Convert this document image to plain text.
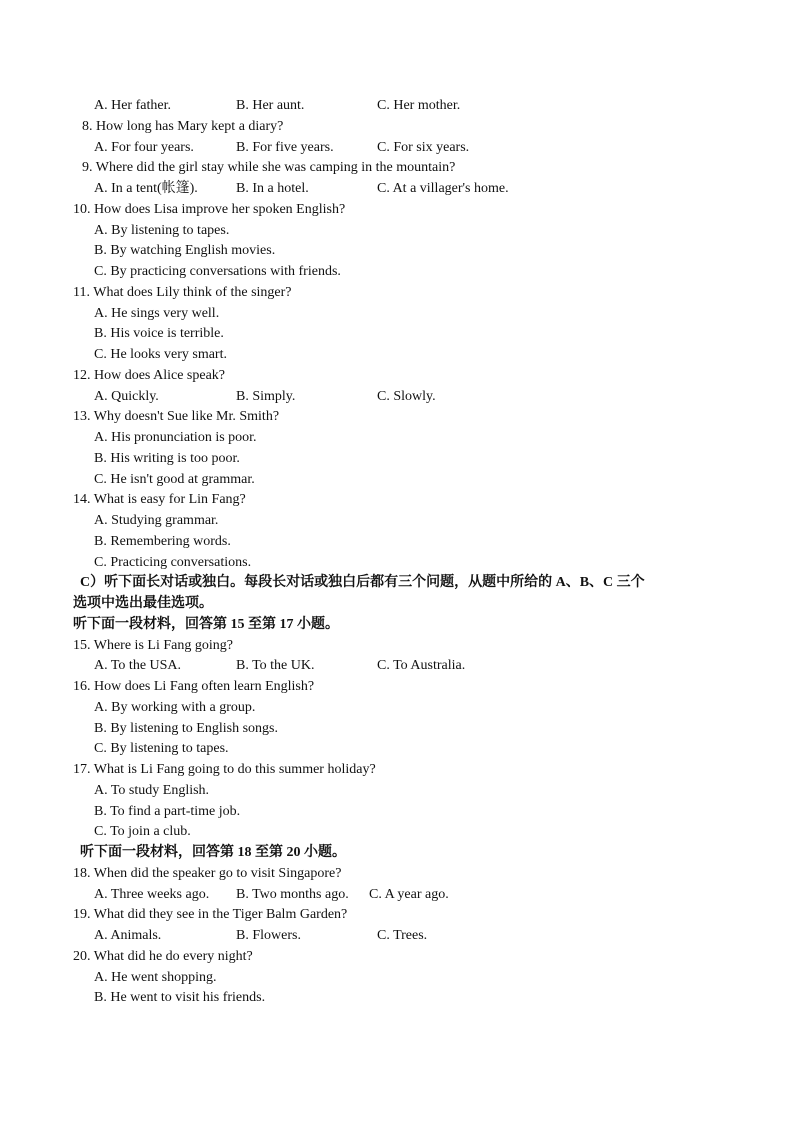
A. Her father.	B. Her aunt.	C. Her mother.
8. How long has Mary kept a diary?
A. For four years.	B. For five years.	C. For six years.
9. Where did the girl stay while she was camping in the mountain?
A. In a tent(帐篷).	B. In a hotel.	C. At a villager's home.
10. How does Lisa improve her spoken English?
A. By listening to tapes.
B. By watching English movies.
C. By practicing conversations with friends.
11. What does Lily think of the singer?
A. He sings very well.
B. His voice is terrible.
C. He looks very smart.
12. How does Alice speak?
A. Quickly.	B. Simply.	C. Slowly.
13. Why doesn't Sue like Mr. Smith?
A. His pronunciation is poor.
B. His writing is too poor.
C. He isn't good at grammar.
14. What is easy for Lin Fang?
A. Studying grammar.
B. Remembering words.
C. Practicing conversations.
C）听下面长对话或独白。每段长对话或独白后都有三个问题，从题中所给的 A、B、C 三个
选项中选出最佳选项。
听下面一段材料，回答第 15 至第 17 小题。
15. Where is Li Fang going?
A. To the USA.	B. To the UK.	C. To Australia.
16. How does Li Fang often learn English?
A. By working with a group.
B. By listening to English songs.
C. By listening to tapes.
17. What is Li Fang going to do this summer holiday?
A. To study English.
B. To find a part-time job.
C. To join a club.
听下面一段材料，回答第 18 至第 20 小题。
18. When did the speaker go to visit Singapore?
A. Three weeks ago. B. Two months ago. C. A year ago.
19. What did they see in the Tiger Balm Garden?
A. Animals.	B. Flowers.	C. Trees.
20. What did he do every night?
A. He went shopping.
B. He went to visit his friends.
